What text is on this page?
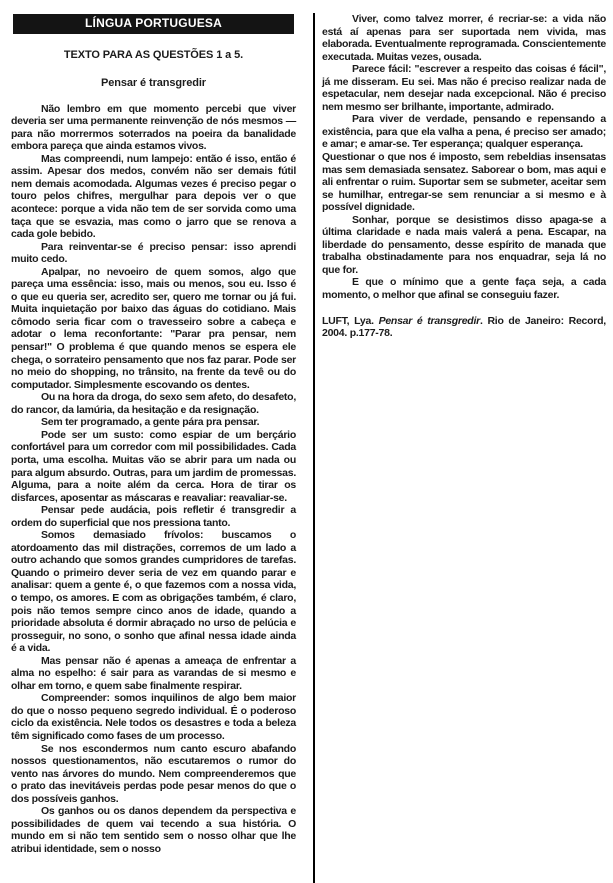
LÍNGUA PORTUGUESA
TEXTO PARA AS QUESTÕES 1 a 5.
Pensar é transgredir

Não lembro em que momento percebi que viver deveria ser uma permanente reinvenção de nós mesmos — para não morrermos soterrados na poeira da banalidade embora pareça que ainda estamos vivos.

Mas compreendi, num lampejo: então é isso, então é assim. Apesar dos medos, convém não ser demais fútil nem demais acomodada. Algumas vezes é preciso pegar o touro pelos chifres, mergulhar para depois ver o que acontece: porque a vida não tem de ser sorvida como uma taça que se esvazia, mas como o jarro que se renova a cada gole bebido.

Para reinventar-se é preciso pensar: isso aprendi muito cedo.

Apalpar, no nevoeiro de quem somos, algo que pareça uma essência: isso, mais ou menos, sou eu. Isso é o que eu queria ser, acredito ser, quero me tornar ou já fui. Muita inquietação por baixo das águas do cotidiano. Mais cômodo seria ficar com o travesseiro sobre a cabeça e adotar o lema reconfortante: "Parar pra pensar, nem pensar!" O problema é que quando menos se espera ele chega, o sorrateiro pensamento que nos faz parar. Pode ser no meio do shopping, no trânsito, na frente da tevê ou do computador. Simplesmente escovando os dentes.

Ou na hora da droga, do sexo sem afeto, do desafeto, do rancor, da lamúria, da hesitação e da resignação.

Sem ter programado, a gente pára pra pensar.

Pode ser um susto: como espiar de um berçário confortável para um corredor com mil possibilidades. Cada porta, uma escolha. Muitas vão se abrir para um nada ou para algum absurdo. Outras, para um jardim de promessas. Alguma, para a noite além da cerca. Hora de tirar os disfarces, aposentar as máscaras e reavaliar: reavaliar-se.

Pensar pede audácia, pois refletir é transgredir a ordem do superficial que nos pressiona tanto.

Somos demasiado frívolos: buscamos o atordoamento das mil distrações, corremos de um lado a outro achando que somos grandes cumpridores de tarefas. Quando o primeiro dever seria de vez em quando parar e analisar: quem a gente é, o que fazemos com a nossa vida, o tempo, os amores. E com as obrigações também, é claro, pois não temos sempre cinco anos de idade, quando a prioridade absoluta é dormir abraçado no urso de pelúcia e prosseguir, no sono, o sonho que afinal nessa idade ainda é a vida.

Mas pensar não é apenas a ameaça de enfrentar a alma no espelho: é sair para as varandas de si mesmo e olhar em torno, e quem sabe finalmente respirar.

Compreender: somos inquilinos de algo bem maior do que o nosso pequeno segredo individual. É o poderoso ciclo da existência. Nele todos os desastres e toda a beleza têm significado como fases de um processo.

Se nos escondermos num canto escuro abafando nossos questionamentos, não escutaremos o rumor do vento nas árvores do mundo. Nem compreenderemos que o prato das inevitáveis perdas pode pesar menos do que o dos possíveis ganhos.

Os ganhos ou os danos dependem da perspectiva e possibilidades de quem vai tecendo a sua história. O mundo em si não tem sentido sem o nosso olhar que lhe atribui identidade, sem o nosso

Viver, como talvez morrer, é recriar-se: a vida não está aí apenas para ser suportada nem vivida, mas elaborada. Eventualmente reprogramada. Conscientemente executada. Muitas vezes, ousada.

Parece fácil: "escrever a respeito das coisas é fácil", já me disseram. Eu sei. Mas não é preciso realizar nada de espetacular, nem desejar nada excepcional. Não é preciso nem mesmo ser brilhante, importante, admirado.

Para viver de verdade, pensando e repensando a existência, para que ela valha a pena, é preciso ser amado; e amar; e amar-se. Ter esperança; qualquer esperança.

Questionar o que nos é imposto, sem rebeldias insensatas mas sem demasiada sensatez. Saborear o bom, mas aqui e ali enfrentar o ruim. Suportar sem se submeter, aceitar sem se humilhar, entregar-se sem renunciar a si mesmo e à possível dignidade.

Sonhar, porque se desistimos disso apaga-se a última claridade e nada mais valerá a pena. Escapar, na liberdade do pensamento, desse espírito de manada que trabalha obstinadamente para nos enquadrar, seja lá no que for.

E que o mínimo que a gente faça seja, a cada momento, o melhor que afinal se conseguiu fazer.

LUFT, Lya. Pensar é transgredir. Rio de Janeiro: Record, 2004. p.177-78.
